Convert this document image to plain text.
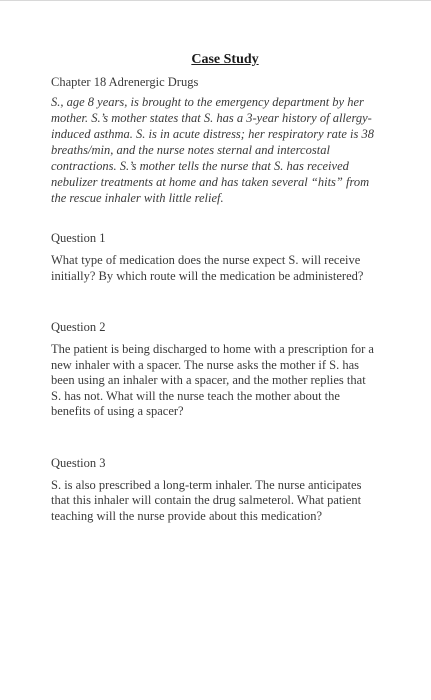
Case Study
Chapter 18 Adrenergic Drugs
S., age 8 years, is brought to the emergency department by her
mother. S.’s mother states that S. has a 3-year history of allergy-
induced asthma. S. is in acute distress; her respiratory rate is 38
breaths/min, and the nurse notes sternal and intercostal
contractions. S.’s mother tells the nurse that S. has received
nebulizer treatments at home and has taken several “hits” from
the rescue inhaler with little relief.
Question 1
What type of medication does the nurse expect S. will receive
initially? By which route will the medication be administered?
Question 2
The patient is being discharged to home with a prescription for a
new inhaler with a spacer. The nurse asks the mother if S. has
been using an inhaler with a spacer, and the mother replies that
S. has not. What will the nurse teach the mother about the
benefits of using a spacer?
Question 3
S. is also prescribed a long-term inhaler. The nurse anticipates
that this inhaler will contain the drug salmeterol. What patient
teaching will the nurse provide about this medication?
